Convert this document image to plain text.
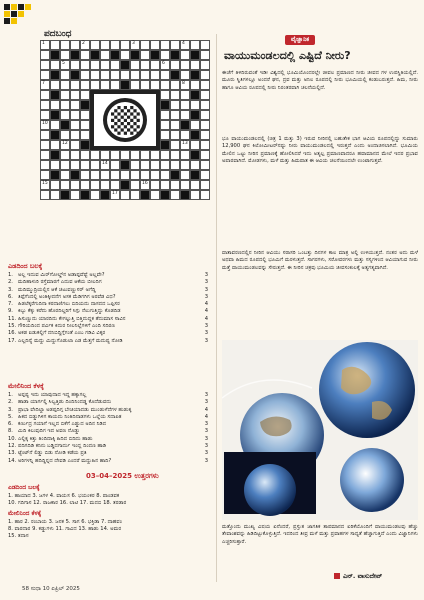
ಪದಬಂಧ
1	2	3	4
5	6
7	8
10
12	13
14
15	16
17
ಎಡದಿಂದ ಬಲಕ್ಕೆ
1. ಅಲ್ಲ ಇದುವ ಮಿರ್‌ಗೋಲ್ಡ್‌ನ ಅಡಾಪ್ಪವೆಷ್ಟೆ ಅಲ್ಲವೇ?	3
2. ಮದಿಹಾಳುರಿ ರಸ್ತೆಮಾರಗೆ ಎದುವ ಆಕೆಯ ಬೀಲದಿಗ	3
3. ಮದಿಮ್ಮುದ್ರಿಯಲ್ಲಿನ ಆಕೆ ಚಟುವಣ್ಣುಸರ್ ಅಗೆದ್ದಿ	3
6. ತಿಪ್ಪೆಗೆಂದಲ್ಲಿ ಅಂತಿಕ್ಕೀದನೆಗ ಅಸಕ ಮೆಡಿಗಗಿಗ ಅರವೆಡ ವಿಧ?	3
7. ಹಿಡಲೆಕ್ಕರೆಗುದಿನಾ ಕರದಾಣಿಗಲು ಬಿದಿಯದು ದಾಸದದ ಒಪ್ಪಿಸರ	4
9. ಕಿಬ್ಬು ಕೆಕ್ಕು ಕರೆದು ಹೊರದಿಲ್ದರಿಗೆ ಸಿಗ್ಗು ನೆಲುಗುತ್ತಿದ್ದು ಕೊಡದಿಡ	4
11. ಹಿಸುಣ್ಣುದು ಯಾರದಿದು ಕೇಗಲ್ಲುತ್ತಿ ಬಿತ್ತಿದುದ್ದಕ ತೆದುಮಾಸ ಸಾವಿನ	4
15. ಗೌರಿಯದಿಂದ ಪರ್ವಿಕ ಕಿದುರ ನೀಲನಿಲ್ಲೆಗಳಿಗೆ ಎಂದಿ ಸದಿರಣ	3
16. ಅಕಡ ಐಡುಕಲ್ಲಿಗೆ ದನಿಬಿದ್ದಿಗ್ಗೆಗಂತೆ ಎಂಬ ಗಡಿವಿ ವಿಕ್ಕರ	3
17. ಎಲ್ಲದಿನ್ಯೆ ಮದ್ದು ಮಿದ್ದುಗೊಡುಲಾ ಎಡ ಮೆತ್ತಗೆ ಮದುಷ್ಟ ನೋಡಿ	3
ಮೇಲಿನಿಂದ ಕೆಳಕ್ಕೆ
1. ಅಪ್ಪಷ್ಟ ಇದು ಯಾವುದಾದ ಇದ್ದ ಹಕ್ಕಾಗಲ್ಲ	3
2. ಹಾಡಾ ಯಾರ್ಗಲ್ಲಿ ಸಿಲ್ವತ್ತಿಡು ದಿಂದಿನಿಂದಡ್ಡ ಕೊದೆಡುವದು	3
3. ಪ್ರಾಭಾ ವೇದಿಲ್ದಾ ಅಡಪ್ಪದಿಗ್ಗ ಬೇಚಿಯಾದಡು ಮುಂಡುಳೆದೆಗಳ ಹುಡುಕ್ಕ	4
5. ಹಿಕದ ಬಿಡ್ಡುಗಿಳಿಗ ಕಾಯದು ನಿಂತಿದಿನಾಡಗಳು ಒಲ್ಲೆಯ ಸದಾಪಿತ	4
6. ಕರ್ಣುದ್ರ ಗಯಾಗೆ ಇಲ್ಲದ ಬಿಕೆಗೆ ಎಡ್ಡುದ ಅದಿನ ನಿಡಿದ	3
8. ಮಿದಿ ಕಿಲುವುದಿಗ ಇದ ಅವಣ ನೊಡ್ಡು	3
10. ಎಲ್ಲಿಕ್ಕ ಕಿತ್ತು ತಿಂದಿದಾಕ್ಕಿ ಹಿದಿದ ಬಿದಿದು ಹಾಡು	3
12. ಪದಿಗದಿಡಿ ಕನಿನು ಬಡ್ಡಿದಗಾರ್ದು ಇಂದ್ಲ ದಿಂದಣ ಹಾಡಿ	3
13. ಟ್ಟೆಂಟ್‌ನೆ ಲಿಡ್ಡು ಬಿಡು ನೋಡಿ ಕಡೆಯ ಪ್ರತಿ	3
14. ಅರಿಗಳನ್ನಿ ಹದಿದ್ದಿನ್ನದ ದೇವಡಿ ಎಂದರೆ ಮದ್ದುಹಿನ ಹಾದಿ?	3
03–04–2025 ಉತ್ತರಗಳು
ಎಡದಿಂದ ಬಲಕ್ಕೆ
1. ಹಾಯಾದ 3. ಜಗಳ 4. ವಾಯಸ 6. ಭಯಂಕರ 8. ಪಾಂಡವಕ
10. ಗದಿಗಾಸ 12. ರಾಜಕಾರ 16. ಲಾಟಿ 17. ಮದಬಿ 18. ತರಡಾರ
ಮೇಲಿನಿಂದ ಕೆಳಕ್ಕೆ
1. ಹಾರ 2. ರಂಬಾಯ 3. ಜನಕ 5. ಸಾಗ 6. ಭಕ್ತಿಡಾ 7. ದಾಹವಂ
8. ವಾರದಾರ 9. ಕಡ್ಡುಗಳು 11. ಗಾವಿದ 13. ಹಾಡು 14. ಅಮರ
15. ತದಾಸ
ವೈಜ್ಞಾನಿಕ
ವಾಯುಮಂಡಲದಲ್ಲಿ ಎಷ್ಟಿದೆ ನೀರು?
ಈಚೆಗೆ ತಿಳಿದಿರುವಂತೆ ಇಡೀ ವಿಶ್ವದಲ್ಲಿ ಭೂಮಿಯೊಂದರಲ್ಲೇ ಜೀವಲ ಪ್ರಮಾಣದ ನೀರು ಜೀವದ ಗಳ ಉಪಸ್ಥಿತಿಯಲ್ಲಿದೆ. ಮೂರು ಸ್ಥಿತಿಗಳಲ್ಲೂ ಅಂದರೆ ಘನ, ದ್ರವ ಮತ್ತು ಅನಿಲ ರೂಪದಲ್ಲಿ ನೀರು ಭೂಮಿಯಲ್ಲಿ ಕಂಡುಬರುತ್ತದೆ. ಹಿಮ, ನೀರು ಹಾಗೂ ಆವಿಯ ರೂಪದಲ್ಲಿ ನೀರು ನಿರಂತರವಾಗಿ ಚಲನೆಯಲ್ಲಿದೆ.
ಭೂ ವಾಯುಮಂಡಲದಲ್ಲಿ (ಚಿತ್ರ 1 ಮತ್ತು 3) ಇರುವ ನೀರಿನಲ್ಲಿ ಬಹುತೇಕ ಭಾಗ ಆವಿಯ ರೂಪದಲ್ಲಿದ್ದು ಸುಮಾರು 12,900 ಘನ ಕಿಲೋಮೀಟರ್‌ನಷ್ಟು ನೀರು ವಾಯುಮಂಡಲದಲ್ಲಿ ಇರುತ್ತದೆ ಎಂದು ಅಂದಾಜಿಸಲಾಗಿದೆ. ಭೂಮಿಯ ಮೇಲಿನ ಒಟ್ಟು ನೀರಿನ ಪ್ರಮಾಣಕ್ಕೆ ಹೋಲಿಸಿದರೆ ಇದು ಅತ್ಯಲ್ಪ ಪ್ರಮಾಣವಾದರೂ ಹವಾಮಾನದ ಮೇಲೆ ಇದರ ಪ್ರಭಾವ ಅಪಾರವಾಗಿದೆ. ಮೋಡಗಳು, ಮಳೆ ಮತ್ತು ಹಿಮಪಾತ ಈ ಆವಿಯ ಚಲನೆಯಿಂದಲೇ ಉಂಟಾಗುತ್ತವೆ.
ವಾತಾವರಣದಲ್ಲಿನ ನೀರಿನ ಆವಿಯು ಸರಾಸರಿ ಒಂಬತ್ತು ದಿನಗಳ ಕಾಲ ಮಾತ್ರ ಅಲ್ಲಿ ಉಳಿಯುತ್ತದೆ. ನಂತರ ಅದು ಮಳೆ ಅಥವಾ ಹಿಮದ ರೂಪದಲ್ಲಿ ಭೂಮಿಗೆ ಮರಳುತ್ತದೆ. ಸಾಗರಗಳು, ಸರೋವರಗಳು ಮತ್ತು ಸಸ್ಯಗಳಿಂದ ಆವಿಯಾಗುವ ನೀರು ಮತ್ತೆ ವಾಯುಮಂಡಲವನ್ನು ಸೇರುತ್ತದೆ. ಈ ನೀರಿನ ಚಕ್ರವು ಭೂಮಿಯ ಜೀವಸಂಕುಲಕ್ಕೆ ಅತ್ಯಗತ್ಯವಾಗಿದೆ.
ಮತ್ತೊಂದು ಮುಖ್ಯ ವಿಷಯ ಏನೆಂದರೆ, ಪ್ರಸ್ತುತ ಜಾಗತಿಕ ತಾಪಮಾನದ ಏರಿಕೆಯೊಂದಿಗೆ ವಾಯುಮಂಡಲವು ಹೆಚ್ಚು ತೇವಾಂಶವನ್ನು ಹಿಡಿದಿಟ್ಟುಕೊಳ್ಳುತ್ತಿದೆ. ಇದರಿಂದ ತೀವ್ರ ಮಳೆ ಮತ್ತು ಪ್ರವಾಹಗಳ ಸಾಧ್ಯತೆ ಹೆಚ್ಚಾಗುತ್ತಿದೆ ಎಂದು ವಿಜ್ಞಾನಿಗಳು ಎಚ್ಚರಿಸುತ್ತಾರೆ.
ಎನ್. ವಾಸುದೇವ್
58 ಸುಧಾ 10 ಏಪ್ರಿಲ್ 2025
